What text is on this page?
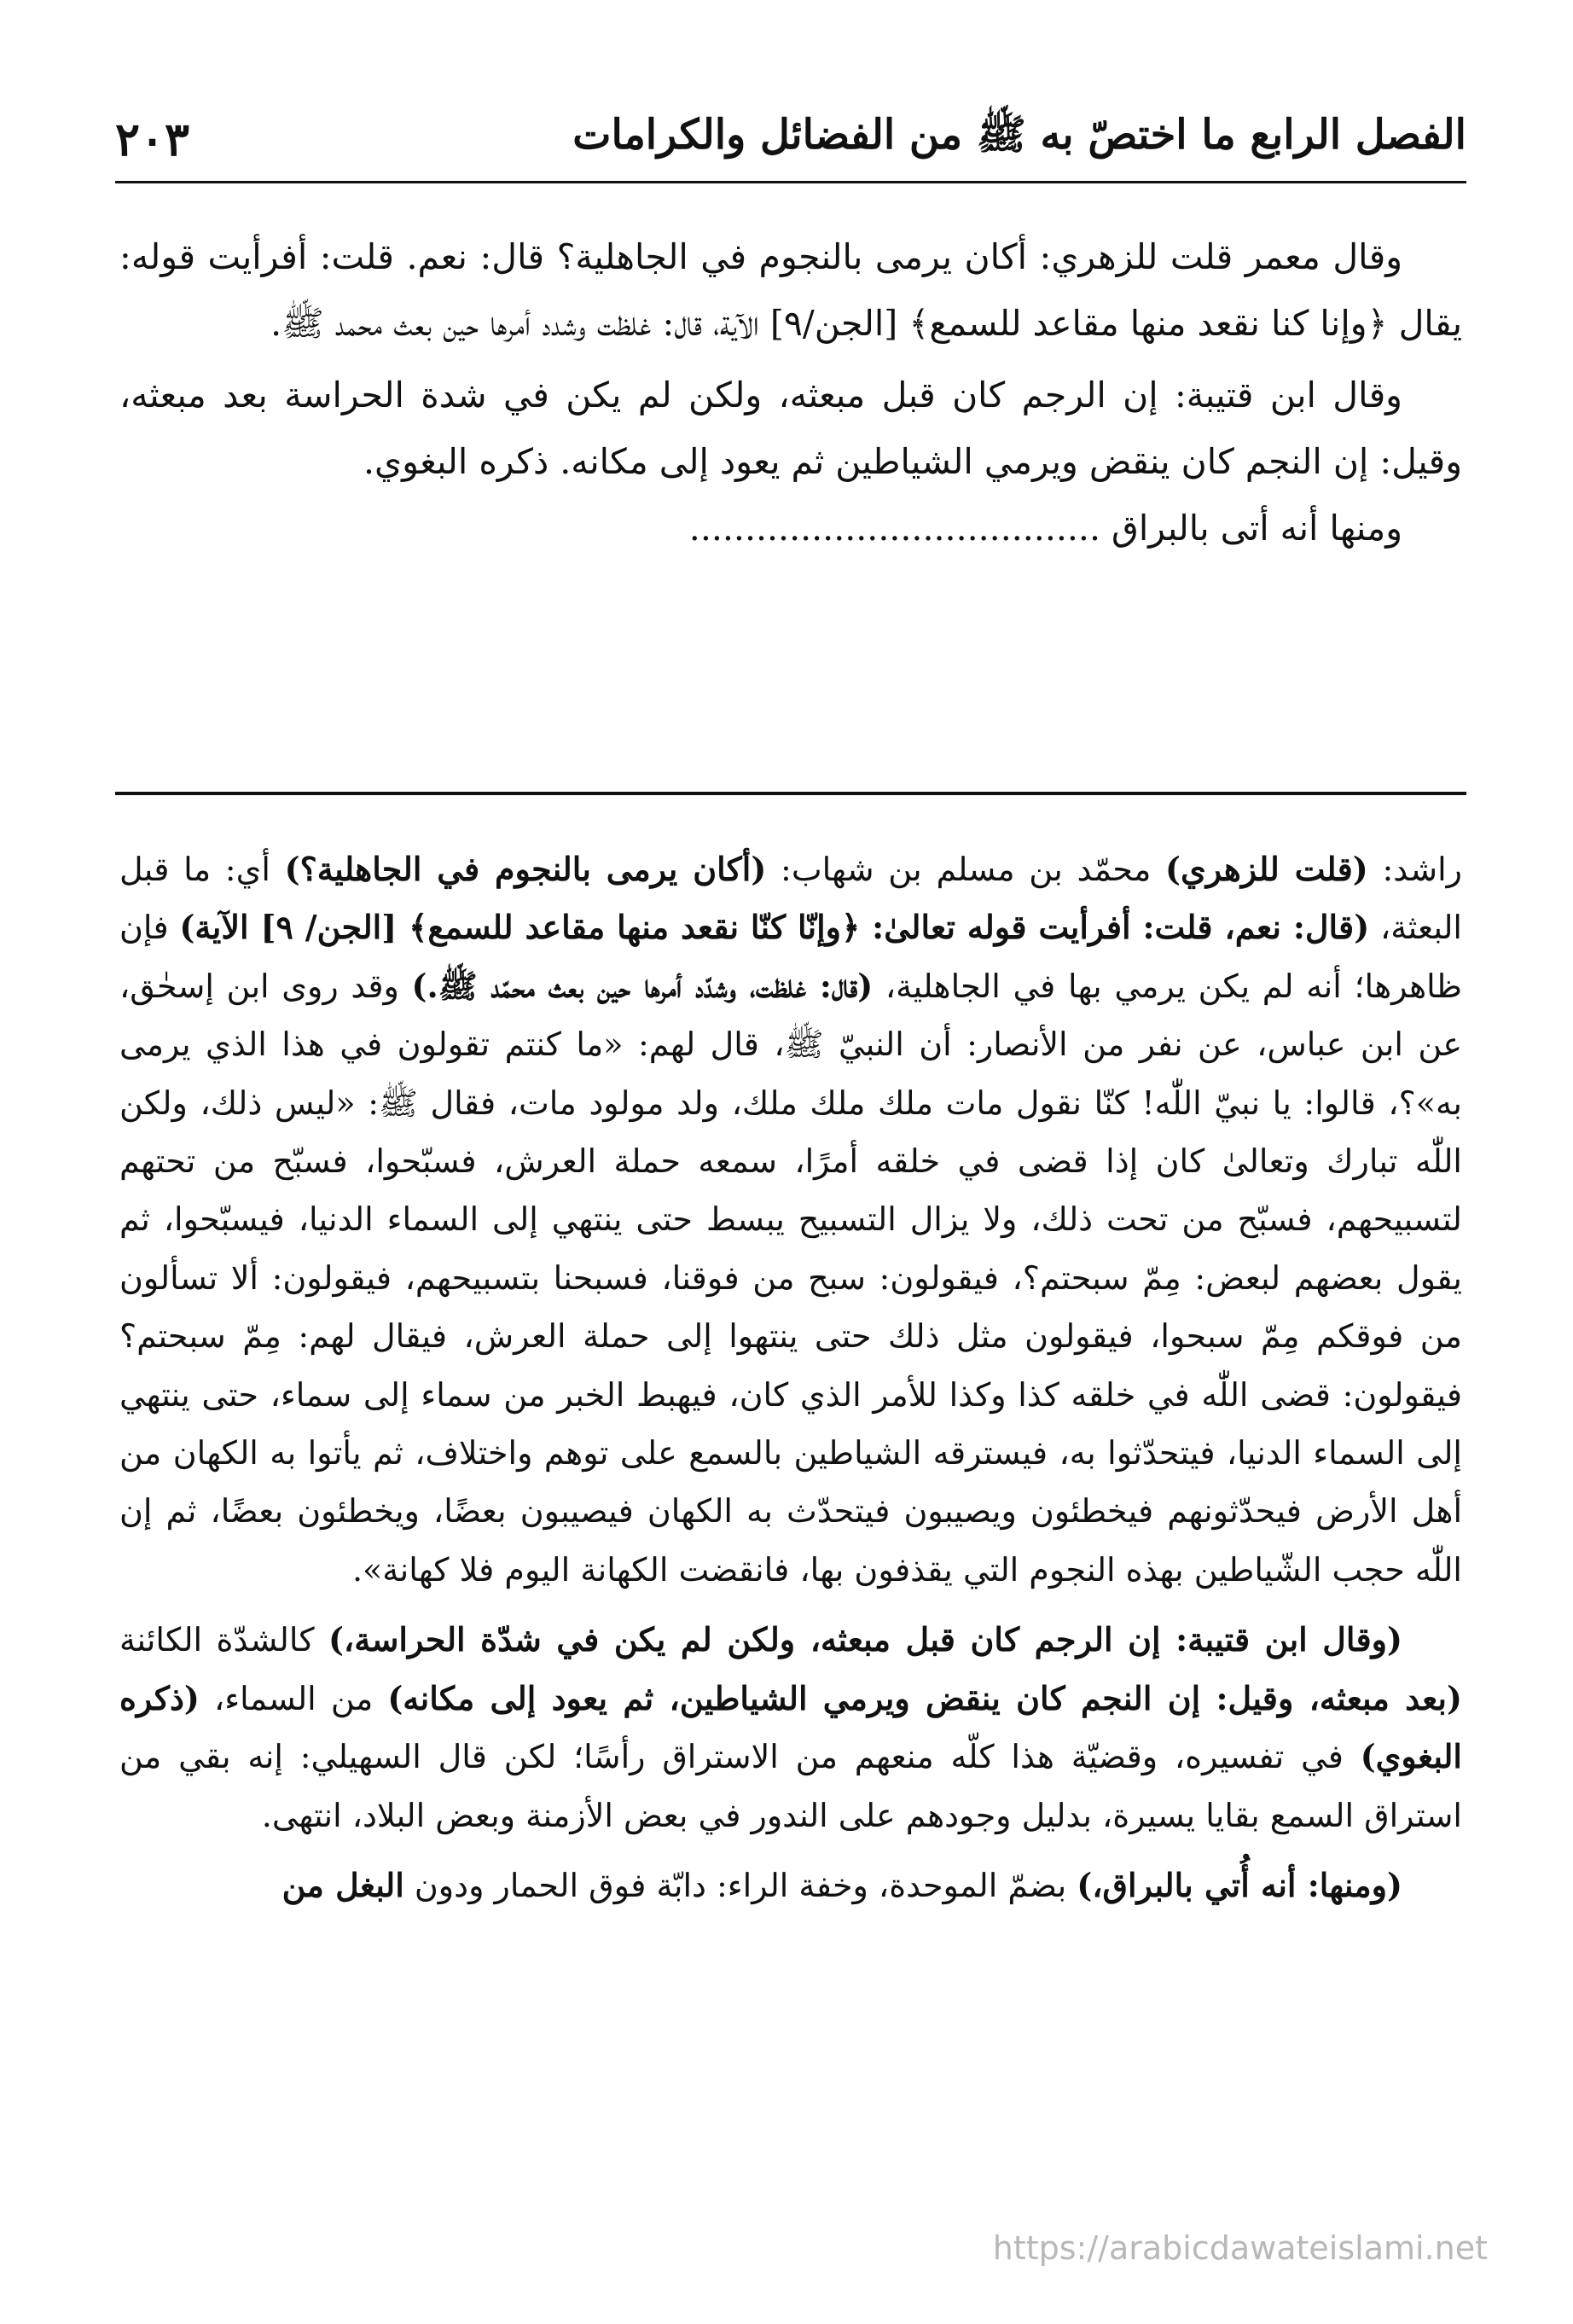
الفصل الرابع ما اختصّ به ﷺ من الفضائل والكرامات
٢٠٣

وقال معمر قلت للزهري: أكان يرمى بالنجوم في الجاهلية؟ قال: نعم. قلت: أفرأيت قوله: يقال ﴿وإنا كنا نقعد منها مقاعد للسمع﴾ [الجن/٩] الآية، قال: غلظت وشدد أمرها حين بعث محمد ﷺ.

وقال ابن قتيبة: إن الرجم كان قبل مبعثه، ولكن لم يكن في شدة الحراسة بعد مبعثه، وقيل: إن النجم كان ينقض ويرمي الشياطين ثم يعود إلى مكانه. ذكره البغوي.

ومنها أنه أتى بالبراق .....................................

راشد: (قلت للزهري) محمّد بن مسلم بن شهاب: (أكان يرمى بالنجوم في الجاهلية؟) أي: ما قبل البعثة، (قال: نعم، قلت: أفرأيت قوله تعالىٰ: ﴿وإنّا كنّا نقعد منها مقاعد للسمع﴾ [الجن/ ٩] الآية) فإن ظاهرها؛ أنه لم يكن يرمي بها في الجاهلية، (قال: غلظت، وشدّد أمرها حين بعث محمّد ﷺ.) وقد روى ابن إسحٰق، عن ابن عباس، عن نفر من الأنصار: أن النبيّ ﷺ، قال لهم: «ما كنتم تقولون في هذا الذي يرمى به»؟، قالوا: يا نبيّ اللّٰه! كنّا نقول مات ملك ملك ملك، ولد مولود مات، فقال ﷺ: «ليس ذلك، ولكن اللّٰه تبارك وتعالىٰ كان إذا قضى في خلقه أمرًا، سمعه حملة العرش، فسبّحوا، فسبّح من تحتهم لتسبيحهم، فسبّح من تحت ذلك، ولا يزال التسبيح يبسط حتى ينتهي إلى السماء الدنيا، فيسبّحوا، ثم يقول بعضهم لبعض: مِمّ سبحتم؟، فيقولون: سبح من فوقنا، فسبحنا بتسبيحهم، فيقولون: ألا تسألون من فوقكم مِمّ سبحوا، فيقولون مثل ذلك حتى ينتهوا إلى حملة العرش، فيقال لهم: مِمّ سبحتم؟ فيقولون: قضى اللّٰه في خلقه كذا وكذا للأمر الذي كان، فيهبط الخبر من سماء إلى سماء، حتى ينتهي إلى السماء الدنيا، فيتحدّثوا به، فيسترقه الشياطين بالسمع على توهم واختلاف، ثم يأتوا به الكهان من أهل الأرض فيحدّثونهم فيخطئون ويصيبون فيتحدّث به الكهان فيصيبون بعضًا، ويخطئون بعضًا، ثم إن اللّٰه حجب الشّياطين بهذه النجوم التي يقذفون بها، فانقضت الكهانة اليوم فلا كهانة».

(وقال ابن قتيبة: إن الرجم كان قبل مبعثه، ولكن لم يكن في شدّة الحراسة،) كالشدّة الكائنة (بعد مبعثه، وقيل: إن النجم كان ينقض ويرمي الشياطين، ثم يعود إلى مكانه) من السماء، (ذكره البغوي) في تفسيره، وقضيّة هذا كلّه منعهم من الاستراق رأسًا؛ لكن قال السهيلي: إنه بقي من استراق السمع بقايا يسيرة، بدليل وجودهم على الندور في بعض الأزمنة وبعض البلاد، انتهى.

(ومنها: أنه أُتي بالبراق،) بضمّ الموحدة، وخفة الراء: دابّة فوق الحمار ودون البغل من

https://arabicdawateislami.net
